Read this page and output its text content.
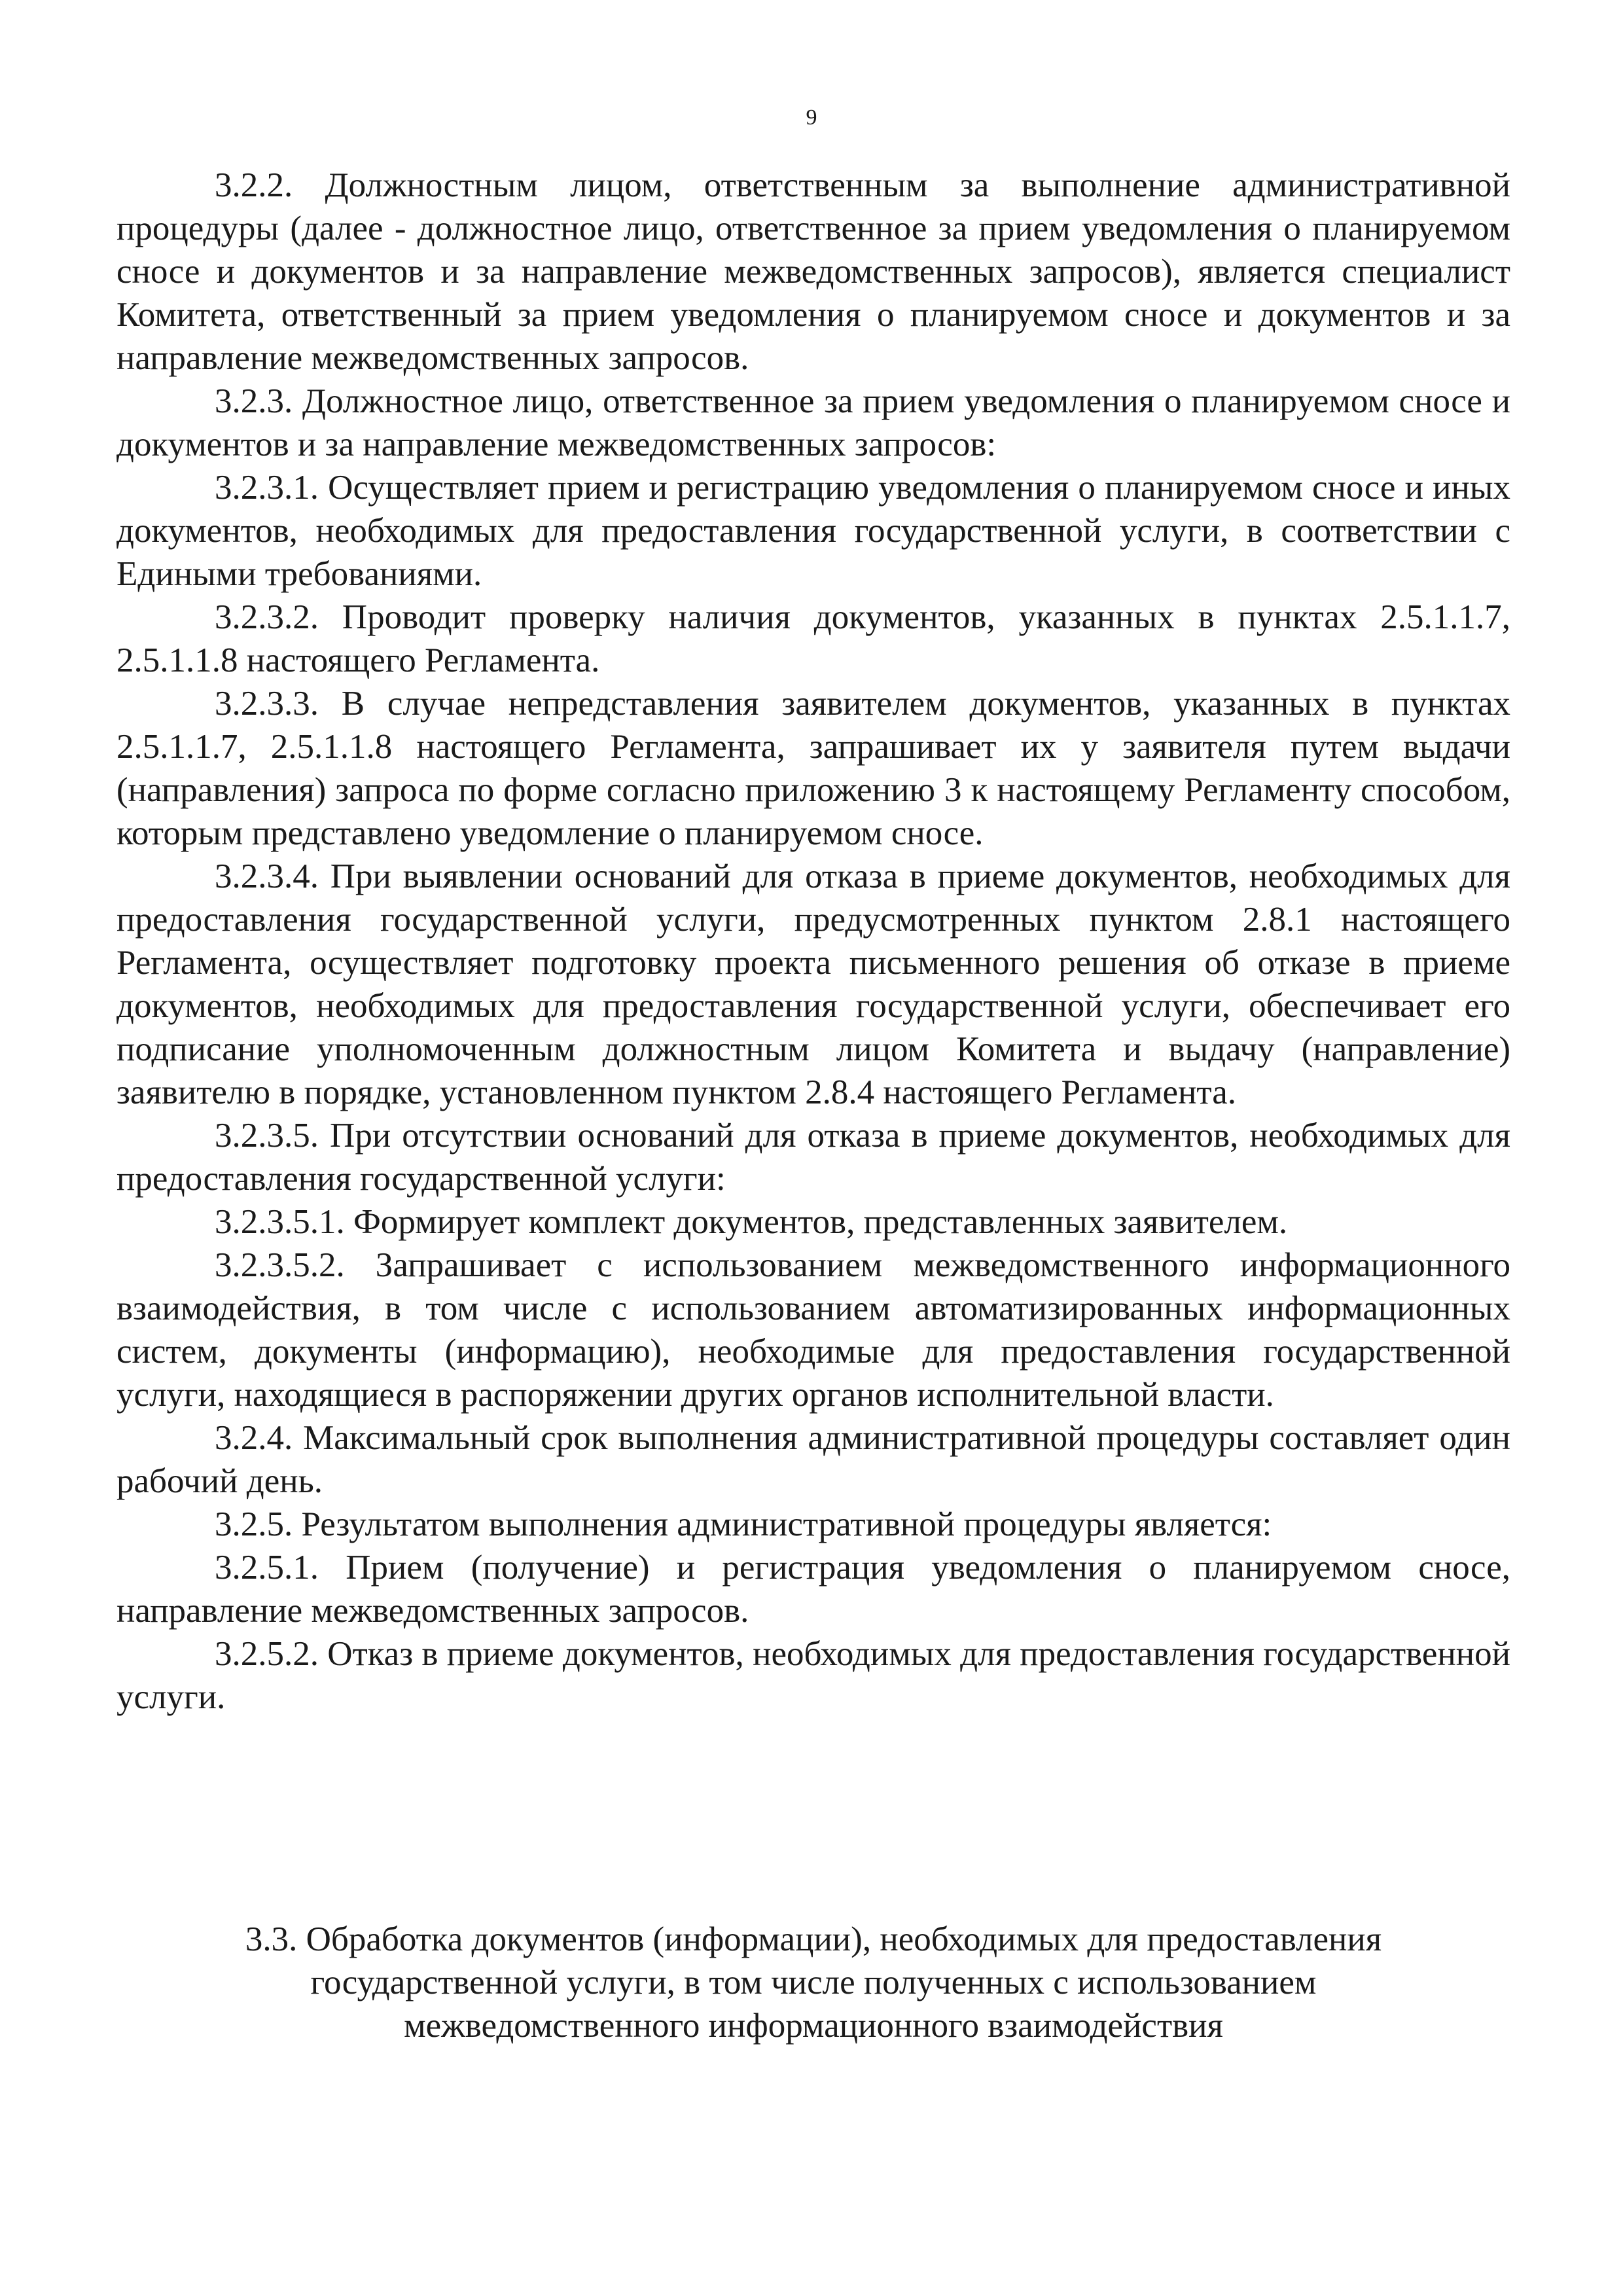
9

3.2.2. Должностным лицом, ответственным за выполнение административной процедуры (далее - должностное лицо, ответственное за прием уведомления о планируемом сносе и документов и за направление межведомственных запросов), является специалист Комитета, ответственный за прием уведомления о планируемом сносе и документов и за направление межведомственных запросов.

3.2.3. Должностное лицо, ответственное за прием уведомления о планируемом сносе и документов и за направление межведомственных запросов:

3.2.3.1. Осуществляет прием и регистрацию уведомления о планируемом сносе и иных документов, необходимых для предоставления государственной услуги, в соответствии с Едиными требованиями.

3.2.3.2. Проводит проверку наличия документов, указанных в пунктах 2.5.1.1.7, 2.5.1.1.8 настоящего Регламента.

3.2.3.3. В случае непредставления заявителем документов, указанных в пунктах 2.5.1.1.7, 2.5.1.1.8 настоящего Регламента, запрашивает их у заявителя путем выдачи (направления) запроса по форме согласно приложению 3 к настоящему Регламенту способом, которым представлено уведомление о планируемом сносе.

3.2.3.4. При выявлении оснований для отказа в приеме документов, необходимых для предоставления государственной услуги, предусмотренных пунктом 2.8.1 настоящего Регламента, осуществляет подготовку проекта письменного решения об отказе в приеме документов, необходимых для предоставления государственной услуги, обеспечивает его подписание уполномоченным должностным лицом Комитета и выдачу (направление) заявителю в порядке, установленном пунктом 2.8.4 настоящего Регламента.

3.2.3.5. При отсутствии оснований для отказа в приеме документов, необходимых для предоставления государственной услуги:

3.2.3.5.1. Формирует комплект документов, представленных заявителем.

3.2.3.5.2. Запрашивает с использованием межведомственного информационного взаимодействия, в том числе с использованием автоматизированных информационных систем, документы (информацию), необходимые для предоставления государственной услуги, находящиеся в распоряжении других органов исполнительной власти.

3.2.4. Максимальный срок выполнения административной процедуры составляет один рабочий день.

3.2.5. Результатом выполнения административной процедуры является:

3.2.5.1. Прием (получение) и регистрация уведомления о планируемом сносе, направление межведомственных запросов.

3.2.5.2. Отказ в приеме документов, необходимых для предоставления государственной услуги.

3.3. Обработка документов (информации), необходимых для предоставления
государственной услуги, в том числе полученных с использованием
межведомственного информационного взаимодействия
